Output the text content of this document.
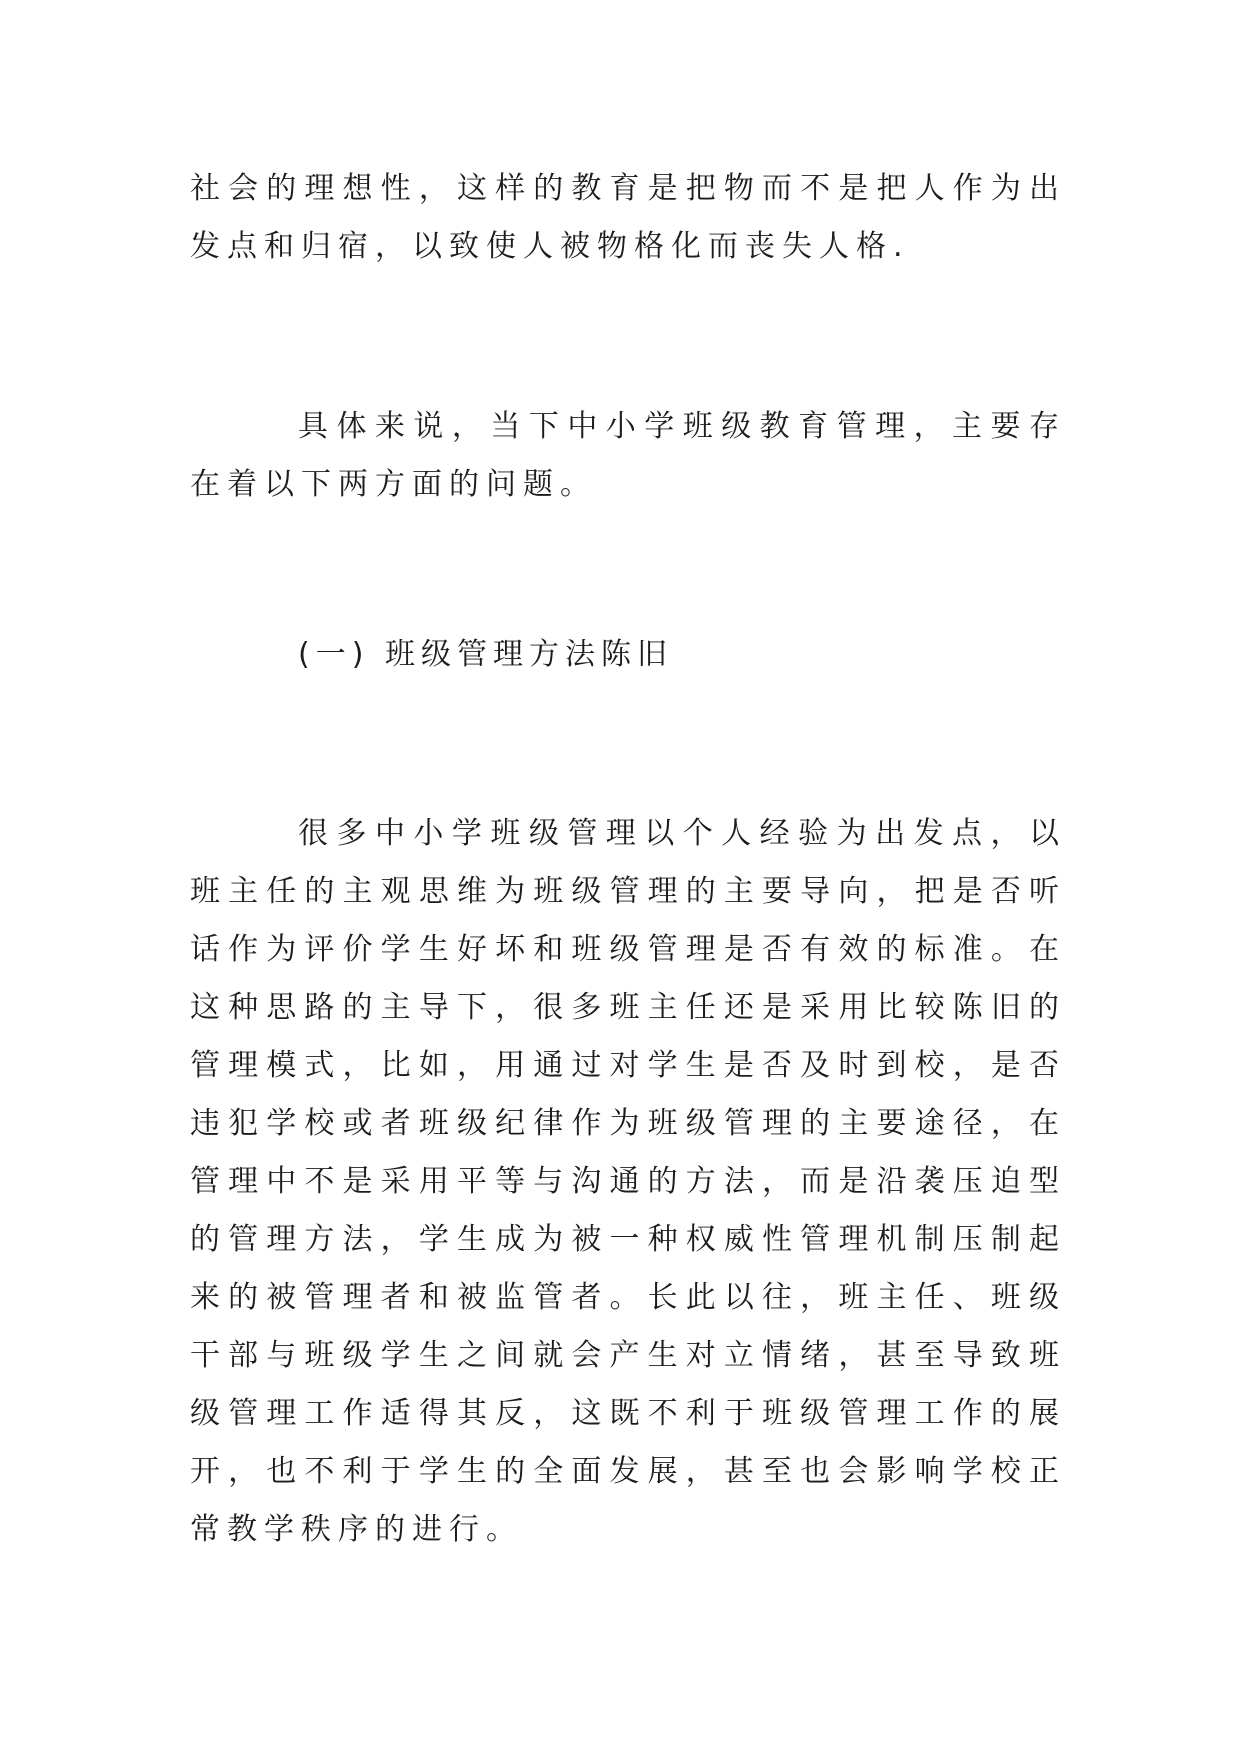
社会的理想性，这样的教育是把物而不是把人作为出发点和归宿，以致使人被物格化而丧失人格.

具体来说，当下中小学班级教育管理，主要存在着以下两方面的问题。

(一) 班级管理方法陈旧

很多中小学班级管理以个人经验为出发点，以班主任的主观思维为班级管理的主要导向，把是否听话作为评价学生好坏和班级管理是否有效的标准。在这种思路的主导下，很多班主任还是采用比较陈旧的管理模式，比如，用通过对学生是否及时到校，是否违犯学校或者班级纪律作为班级管理的主要途径，在管理中不是采用平等与沟通的方法，而是沿袭压迫型的管理方法，学生成为被一种权威性管理机制压制起来的被管理者和被监管者。长此以往，班主任、班级干部与班级学生之间就会产生对立情绪，甚至导致班级管理工作适得其反，这既不利于班级管理工作的展开，也不利于学生的全面发展，甚至也会影响学校正常教学秩序的进行。
